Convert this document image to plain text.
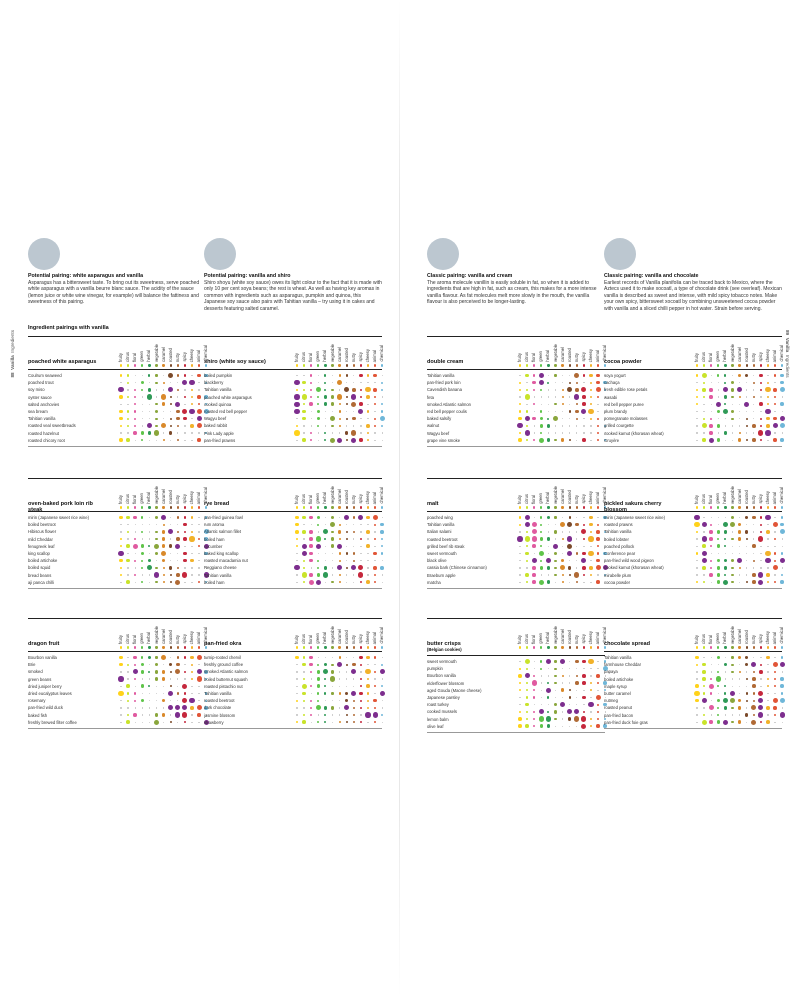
88  Vanilla  Ingredients
Potential pairing: white asparagus and vanilla
Asparagus has a bittersweet taste. To bring out its sweetness, serve poached white asparagus with a vanilla beurre blanc sauce. The acidity of the sauce (lemon juice or white wine vinegar, for example) will balance the fattiness and sweetness of this pairing.
Potential pairing: vanilla and shiro
Shiro shoyu (white soy sauce) owes its light colour to the fact that it is made with only 10 per cent soya beans; the rest is wheat. As well as having key aromas in common with ingredients such as asparagus, pumpkin and quinoa, this Japanese soy sauce also pairs with Tahitian vanilla – try using it in cakes and desserts featuring salted caramel.
Ingredient pairings with vanilla
89  Vanilla  Ingredients
Classic pairing: vanilla and cream
The aroma molecule vanillin is easily soluble in fat, so when it is added to ingredients that are high in fat, such as cream, this makes for a more intense vanilla flavour. As fat molecules melt more slowly in the mouth, the vanilla flavour is also perceived to be longer-lasting.
Classic pairing: vanilla and chocolate
Earliest records of Vanilla planifolia can be traced back to Mexico, where the Aztecs used it to make xocoatl, a type of chocolate drink (see overleaf). Mexican vanilla is described as sweet and intense, with mild spicy tobacco notes. Make your own spicy, bittersweet xocoatl by combining unsweetened cocoa powder with vanilla and a sliced chilli pepper in hot water. Strain before serving.
fruity citrus floral green herbal vegetable caramel roasted nutty spicy cheesy animal chemical
poached white asparagus
Coulrum seaweed
poached trout
soy miso
oyster sauce
salted anchovies
sea bream
Tahitian vanilla
roasted veal sweetbreads
roasted hazelnut
roasted chicory root
fruity citrus floral green herbal vegetable caramel roasted nutty spicy cheesy animal chemical
shiro (white soy sauce)
boiled pumpkin
blackberry
Tahitian vanilla
poached white asparagus
cooked quinoa
roasted red bell pepper
Wagyu beef
baked rabbit
Pink Lady apple
pan-fried prawns
fruity citrus floral green herbal vegetable caramel roasted nutty spicy cheesy animal chemical
double cream
Tahitian vanilla
pan-fried pork loin
Cavendish banana
feta
smoked Atlantic salmon
red bell pepper coulis
baked salsify
walnut
Wagyu beef
grape vine smoke
fruity citrus floral green herbal vegetable caramel roasted nutty spicy cheesy animal chemical
cocoa powder
soya yogurt
cachaça
fresh edible rose petals
wasabi
red bell pepper puree
plum brandy
pomegranate molasses
grilled courgette
cooked kamut (khorasan wheat)
Gruyère
fruity citrus floral green herbal vegetable caramel roasted nutty spicy cheesy animal chemical
oven-baked pork loin rib steak
mirin (Japanese sweet rice wine)
boiled beetroot
Hibiscus flower
mild Cheddar
fenugreek leaf
king scallop
boiled artichoke
boiled squid
bread beans
aji panca chilli
fruity citrus floral green herbal vegetable caramel roasted nutty spicy cheesy animal chemical
rye bread
pan-fried guinea fowl
rum aroma
Atlantic salmon fillet
boiled ham
cucumber
baked king scallop
roasted macadamia nut
Reggiano cheese
Tahitian vanilla
boiled ham
fruity citrus floral green herbal vegetable caramel roasted nutty spicy cheesy animal chemical
malt
poached wing
Tahitian vanilla
Italian salami
roasted beetroot
grilled beef rib steak
sweet vermouth
black olive
cassia bark (Chinese cinnamon)
Braeburn apple
matcha
fruity citrus floral green herbal vegetable caramel roasted nutty spicy cheesy animal chemical
pickled sakura cherry blossom
mirin (Japanese sweet rice wine)
roasted prawns
Tahitian vanilla
boiled lobster
poached pollock
Conference pear
pan-fried wild wood pigeon
cooked kamut (khorasan wheat)
mirabelle plum
cocoa powder
fruity citrus floral green herbal vegetable caramel roasted nutty spicy cheesy animal chemical
dragon fruit
Bourbon vanilla
Brie
smoked
green beans
dried juniper berry
dried eucalyptus leaves
rosemary
pan-fried wild duck
baked fish
freshly brewed filter coffee
fruity citrus floral green herbal vegetable caramel roasted nutty spicy cheesy animal chemical
pan-fried okra
turnip-rooted chervil
freshly ground coffee
smoked Atlantic salmon
boiled butternut squash
roasted pistachio nut
Tahitian vanilla
roasted beetroot
dark chocolate
jasmine blossom
strawberry
fruity citrus floral green herbal vegetable caramel roasted nutty spicy cheesy animal chemical
butter crisps
(Belgian cookies)
sweet vermouth
pumpkin
Bourbon vanilla
elderflower blossom
aged Gouda (Maone cheese)
Japanese parsley
roast turkey
cooked mussels
lemon balm
olive leaf
fruity citrus floral green herbal vegetable caramel roasted nutty spicy cheesy animal chemical
chocolate spread
Tahitian vanilla
farmhouse Cheddar
papaya
boiled artichoke
maple syrup
butter caramel
nutmeg
roasted peanut
pan-fried bacon
pan-fried duck foie gras
